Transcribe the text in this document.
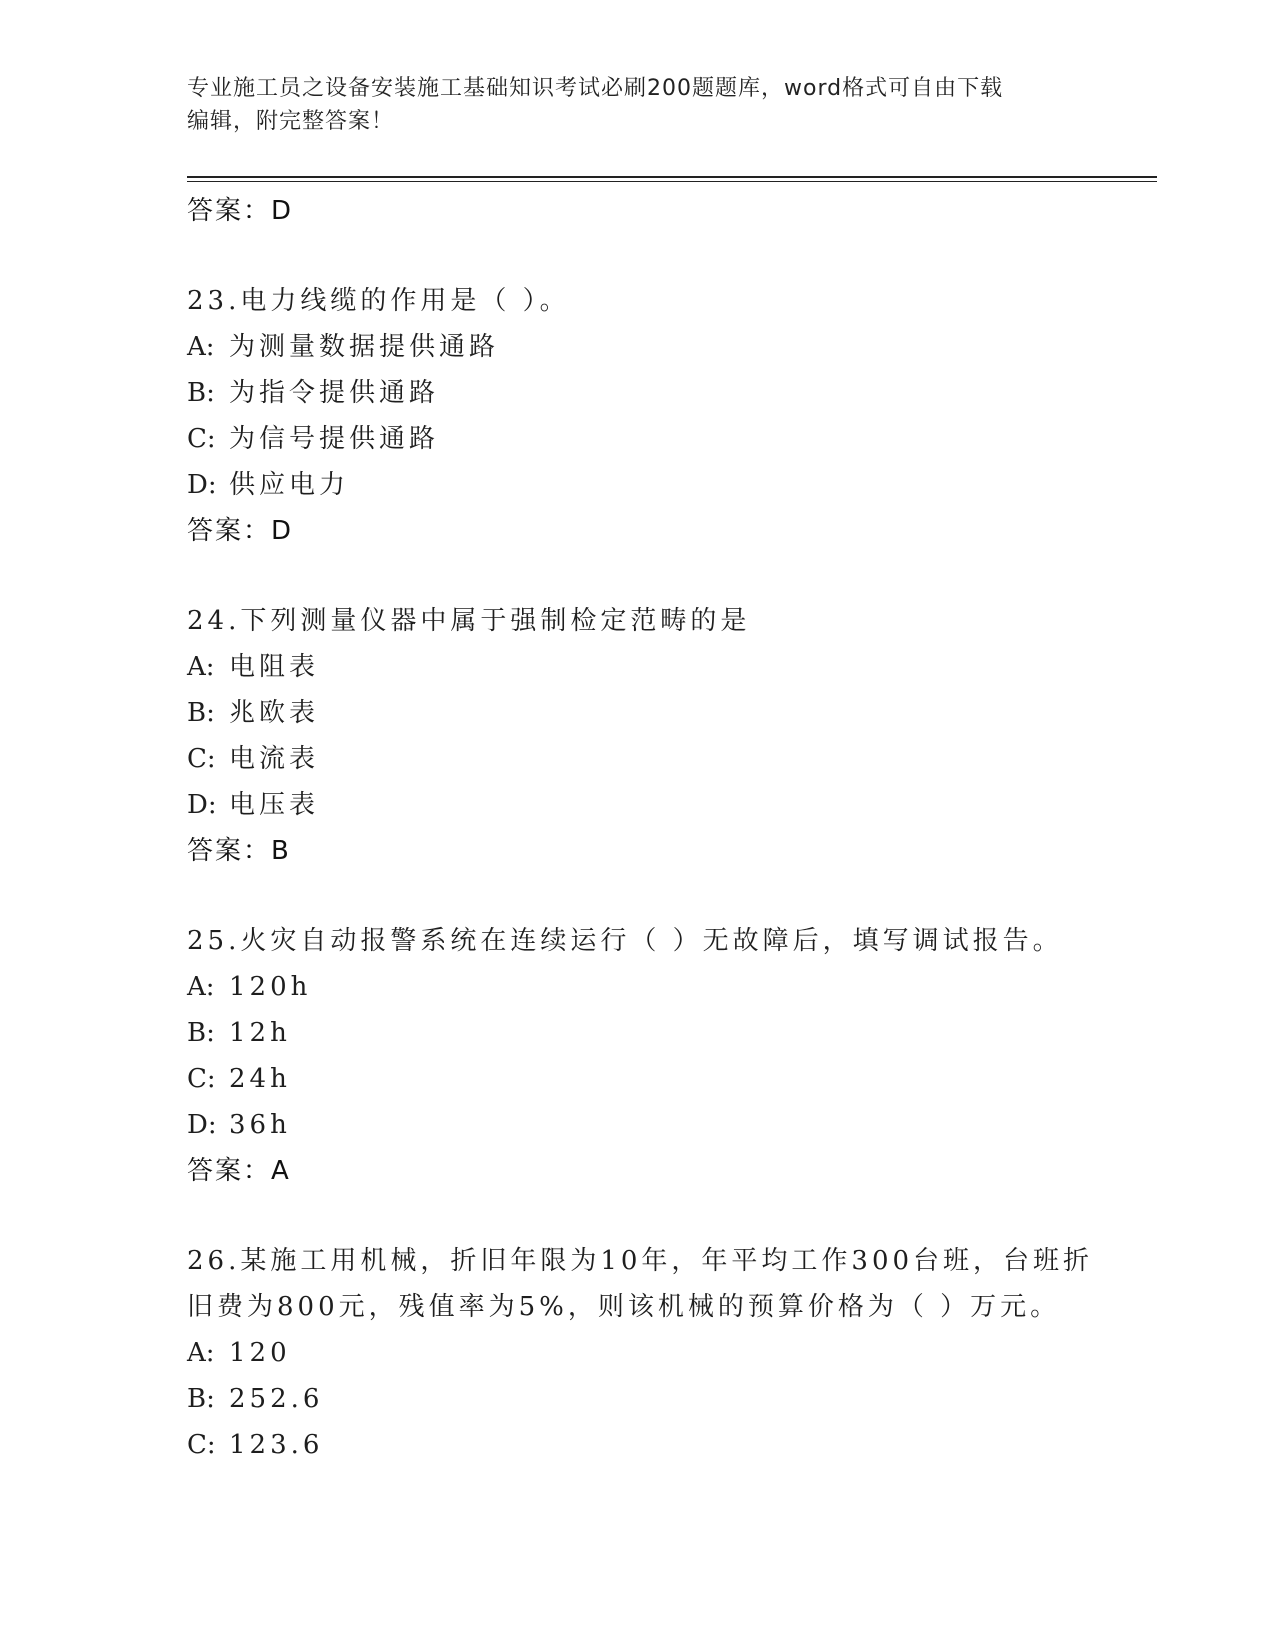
专业施工员之设备安装施工基础知识考试必刷200题题库，word格式可自由下载
编辑，附完整答案！
答案：D
23.电力线缆的作用是（ ）。
A: 为测量数据提供通路
B: 为指令提供通路
C: 为信号提供通路
D: 供应电力
答案：D
24.下列测量仪器中属于强制检定范畴的是
A: 电阻表
B: 兆欧表
C: 电流表
D: 电压表
答案：B
25.火灾自动报警系统在连续运行（ ）无故障后，填写调试报告。
A: 120h
B: 12h
C: 24h
D: 36h
答案：A
26.某施工用机械，折旧年限为10年，年平均工作300台班，台班折
旧费为800元，残值率为5%，则该机械的预算价格为（ ）万元。
A: 120
B: 252.6
C: 123.6
